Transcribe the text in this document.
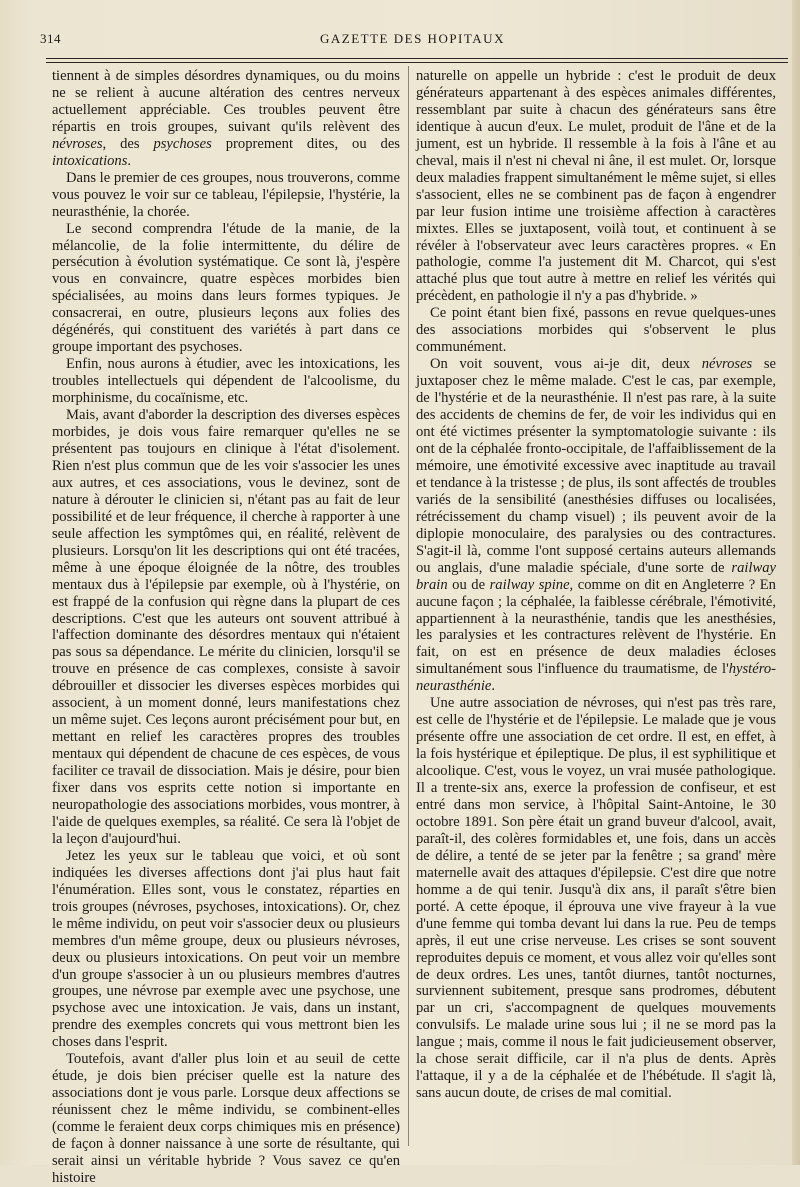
314	GAZETTE DES HOPITAUX

tiennent à de simples désordres dynamiques, ou du moins ne se relient à aucune altération des centres nerveux actuellement appréciable. Ces troubles peuvent être répartis en trois groupes, suivant qu'ils relèvent des névroses, des psychoses proprement dites, ou des intoxications.

Dans le premier de ces groupes, nous trouverons, comme vous pouvez le voir sur ce tableau, l'épilepsie, l'hystérie, la neurasthénie, la chorée.

Le second comprendra l'étude de la manie, de la mélancolie, de la folie intermittente, du délire de persécution à évolution systématique. Ce sont là, j'espère vous en convaincre, quatre espèces morbides bien spécialisées, au moins dans leurs formes typiques. Je consacrerai, en outre, plusieurs leçons aux folies des dégénérés, qui constituent des variétés à part dans ce groupe important des psychoses.

Enfin, nous aurons à étudier, avec les intoxications, les troubles intellectuels qui dépendent de l'alcoolisme, du morphinisme, du cocaïnisme, etc.

Mais, avant d'aborder la description des diverses espèces morbides, je dois vous faire remarquer qu'elles ne se présentent pas toujours en clinique à l'état d'isolement. Rien n'est plus commun que de les voir s'associer les unes aux autres, et ces associations, vous le devinez, sont de nature à dérouter le clinicien si, n'étant pas au fait de leur possibilité et de leur fréquence, il cherche à rapporter à une seule affection les symptômes qui, en réalité, relèvent de plusieurs. Lorsqu'on lit les descriptions qui ont été tracées, même à une époque éloignée de la nôtre, des troubles mentaux dus à l'épilepsie par exemple, où à l'hystérie, on est frappé de la confusion qui règne dans la plupart de ces descriptions. C'est que les auteurs ont souvent attribué à l'affection dominante des désordres mentaux qui n'étaient pas sous sa dépendance. Le mérite du clinicien, lorsqu'il se trouve en présence de cas complexes, consiste à savoir débrouiller et dissocier les diverses espèces morbides qui associent, à un moment donné, leurs manifestations chez un même sujet. Ces leçons auront précisément pour but, en mettant en relief les caractères propres des troubles mentaux qui dépendent de chacune de ces espèces, de vous faciliter ce travail de dissociation. Mais je désire, pour bien fixer dans vos esprits cette notion si importante en neuropathologie des associations morbides, vous montrer, à l'aide de quelques exemples, sa réalité. Ce sera là l'objet de la leçon d'aujourd'hui.

Jetez les yeux sur le tableau que voici, et où sont indiquées les diverses affections dont j'ai plus haut fait l'énumération. Elles sont, vous le constatez, réparties en trois groupes (névroses, psychoses, intoxications). Or, chez le même individu, on peut voir s'associer deux ou plusieurs membres d'un même groupe, deux ou plusieurs névroses, deux ou plusieurs intoxications. On peut voir un membre d'un groupe s'associer à un ou plusieurs membres d'autres groupes, une névrose par exemple avec une psychose, une psychose avec une intoxication. Je vais, dans un instant, prendre des exemples concrets qui vous mettront bien les choses dans l'esprit.

Toutefois, avant d'aller plus loin et au seuil de cette étude, je dois bien préciser quelle est la nature des associations dont je vous parle. Lorsque deux affections se réunissent chez le même individu, se combinent-elles (comme le feraient deux corps chimiques mis en présence) de façon à donner naissance à une sorte de résultante, qui serait ainsi un véritable hybride ? Vous savez ce qu'en histoire

naturelle on appelle un hybride : c'est le produit de deux générateurs appartenant à des espèces animales différentes, ressemblant par suite à chacun des générateurs sans être identique à aucun d'eux. Le mulet, produit de l'âne et de la jument, est un hybride. Il ressemble à la fois à l'âne et au cheval, mais il n'est ni cheval ni âne, il est mulet. Or, lorsque deux maladies frappent simultanément le même sujet, si elles s'associent, elles ne se combinent pas de façon à engendrer par leur fusion intime une troisième affection à caractères mixtes. Elles se juxtaposent, voilà tout, et continuent à se révéler à l'observateur avec leurs caractères propres. « En pathologie, comme l'a justement dit M. Charcot, qui s'est attaché plus que tout autre à mettre en relief les vérités qui précèdent, en pathologie il n'y a pas d'hybride. »

Ce point étant bien fixé, passons en revue quelques-unes des associations morbides qui s'observent le plus communément.

On voit souvent, vous ai-je dit, deux névroses se juxtaposer chez le même malade. C'est le cas, par exemple, de l'hystérie et de la neurasthénie. Il n'est pas rare, à la suite des accidents de chemins de fer, de voir les individus qui en ont été victimes présenter la symptomatologie suivante : ils ont de la céphalée fronto-occipitale, de l'affaiblissement de la mémoire, une émotivité excessive avec inaptitude au travail et tendance à la tristesse ; de plus, ils sont affectés de troubles variés de la sensibilité (anesthésies diffuses ou localisées, rétrécissement du champ visuel) ; ils peuvent avoir de la diplopie monoculaire, des paralysies ou des contractures. S'agit-il là, comme l'ont supposé certains auteurs allemands ou anglais, d'une maladie spéciale, d'une sorte de railway brain ou de railway spine, comme on dit en Angleterre ? En aucune façon ; la céphalée, la faiblesse cérébrale, l'émotivité, appartiennent à la neurasthénie, tandis que les anesthésies, les paralysies et les contractures relèvent de l'hystérie. En fait, on est en présence de deux maladies écloses simultanément sous l'influence du traumatisme, de l'hystéro-neurasthénie.

Une autre association de névroses, qui n'est pas très rare, est celle de l'hystérie et de l'épilepsie. Le malade que je vous présente offre une association de cet ordre. Il est, en effet, à la fois hystérique et épileptique. De plus, il est syphilitique et alcoolique. C'est, vous le voyez, un vrai musée pathologique. Il a trente-six ans, exerce la profession de confiseur, et est entré dans mon service, à l'hôpital Saint-Antoine, le 30 octobre 1891. Son père était un grand buveur d'alcool, avait, paraît-il, des colères formidables et, une fois, dans un accès de délire, a tenté de se jeter par la fenêtre ; sa grand' mère maternelle avait des attaques d'épilepsie. C'est dire que notre homme a de qui tenir. Jusqu'à dix ans, il paraît s'être bien porté. A cette époque, il éprouva une vive frayeur à la vue d'une femme qui tomba devant lui dans la rue. Peu de temps après, il eut une crise nerveuse. Les crises se sont souvent reproduites depuis ce moment, et vous allez voir qu'elles sont de deux ordres. Les unes, tantôt diurnes, tantôt nocturnes, surviennent subitement, presque sans prodromes, débutent par un cri, s'accompagnent de quelques mouvements convulsifs. Le malade urine sous lui ; il ne se mord pas la langue ; mais, comme il nous le fait judicieusement observer, la chose serait difficile, car il n'a plus de dents. Après l'attaque, il y a de la céphalée et de l'hébétude. Il s'agit là, sans aucun doute, de crises de mal comitial.
